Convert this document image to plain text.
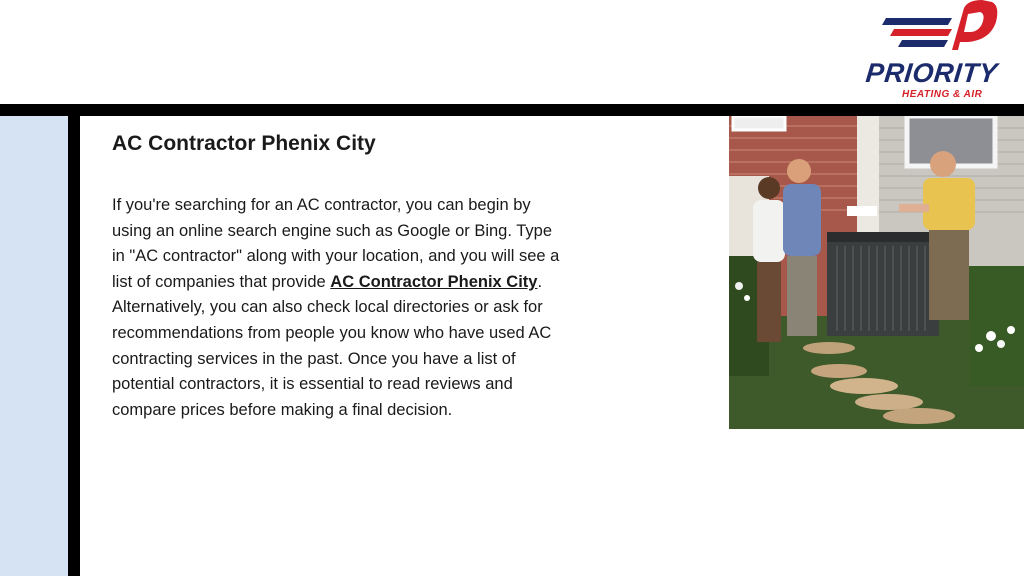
PRIORITY
HEATING & AIR
AC Contractor Phenix City

If you're searching for an AC contractor, you can begin by using an online search engine such as Google or Bing. Type in "AC contractor" along with your location, and you will see a list of companies that provide AC Contractor Phenix City. Alternatively, you can also check local directories or ask for recommendations from people you know who have used AC contracting services in the past. Once you have a list of potential contractors, it is essential to read reviews and compare prices before making a final decision.
